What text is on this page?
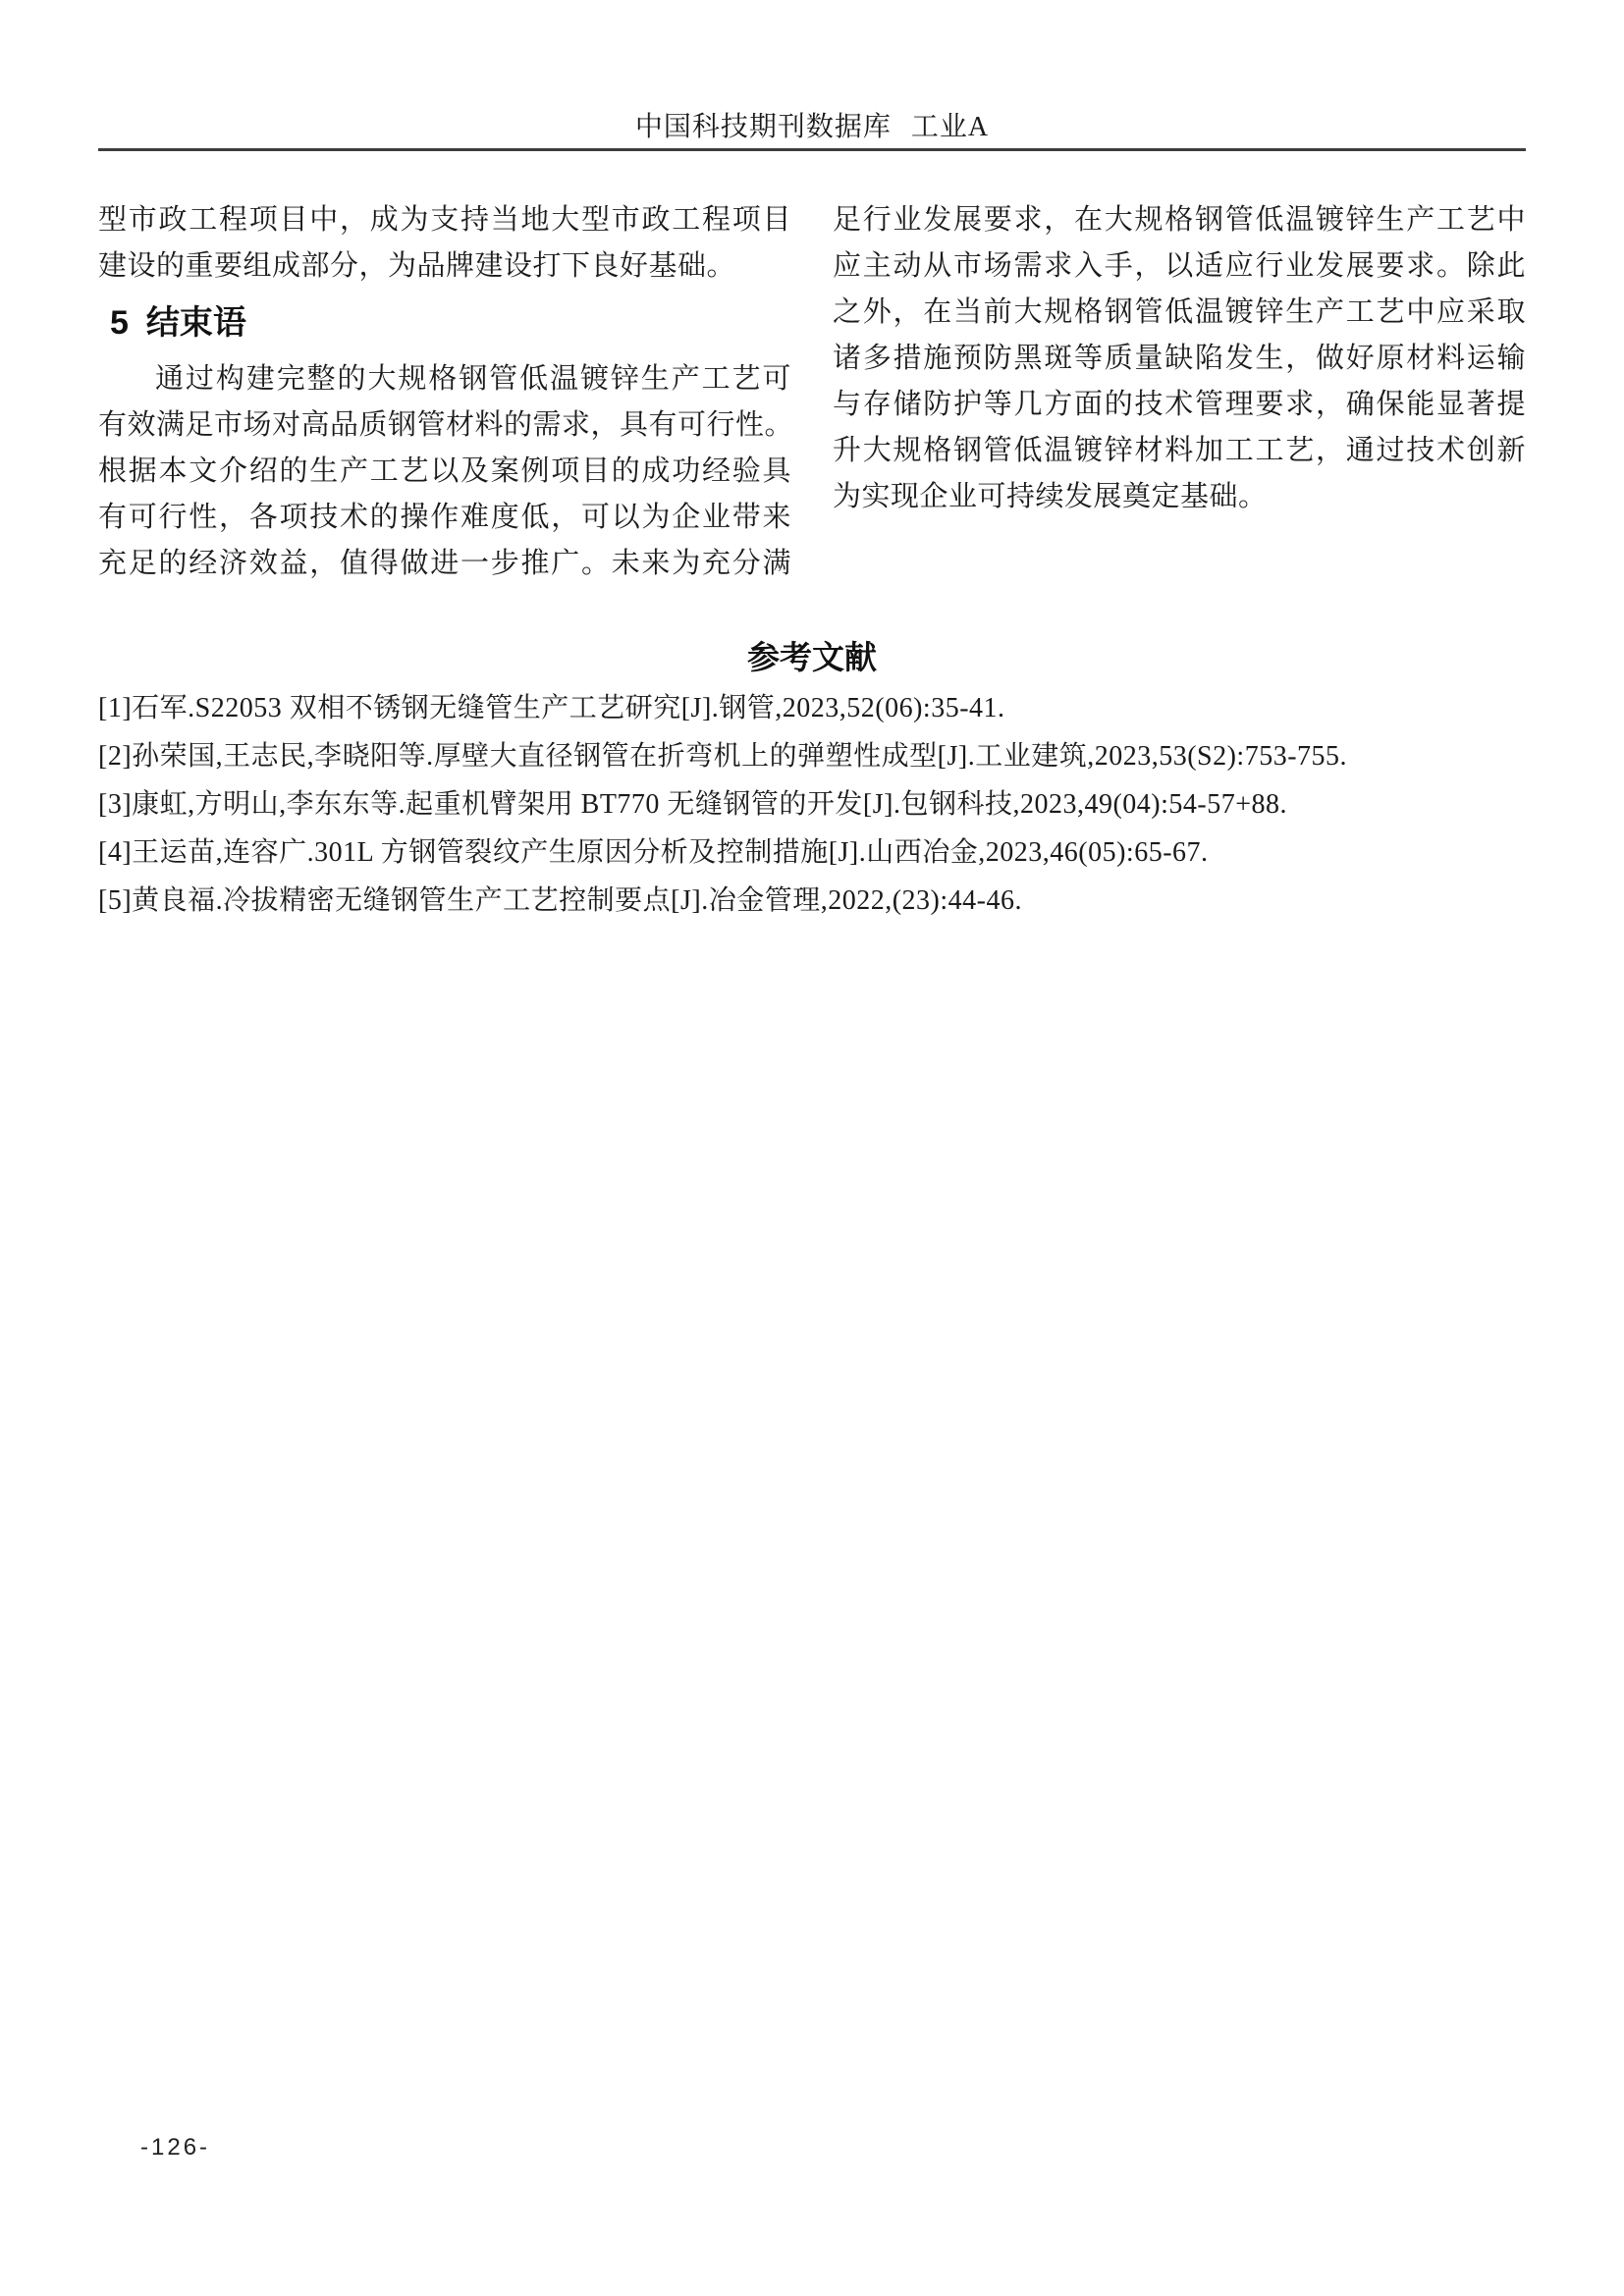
中国科技期刊数据库 工业A
型市政工程项目中，成为支持当地大型市政工程项目
建设的重要组成部分，为品牌建设打下良好基础。
5 结束语
通过构建完整的大规格钢管低温镀锌生产工艺可
有效满足市场对高品质钢管材料的需求，具有可行性。
根据本文介绍的生产工艺以及案例项目的成功经验具
有可行性，各项技术的操作难度低，可以为企业带来
充足的经济效益，值得做进一步推广。未来为充分满
足行业发展要求，在大规格钢管低温镀锌生产工艺中
应主动从市场需求入手，以适应行业发展要求。除此
之外，在当前大规格钢管低温镀锌生产工艺中应采取
诸多措施预防黑斑等质量缺陷发生，做好原材料运输
与存储防护等几方面的技术管理要求，确保能显著提
升大规格钢管低温镀锌材料加工工艺，通过技术创新
为实现企业可持续发展奠定基础。
参考文献
[1]石军.S22053 双相不锈钢无缝管生产工艺研究[J].钢管,2023,52(06):35-41.
[2]孙荣国,王志民,李晓阳等.厚壁大直径钢管在折弯机上的弹塑性成型[J].工业建筑,2023,53(S2):753-755.
[3]康虹,方明山,李东东等.起重机臂架用 BT770 无缝钢管的开发[J].包钢科技,2023,49(04):54-57+88.
[4]王运苗,连容广.301L 方钢管裂纹产生原因分析及控制措施[J].山西冶金,2023,46(05):65-67.
[5]黄良福.冷拔精密无缝钢管生产工艺控制要点[J].冶金管理,2022,(23):44-46.
-126-
